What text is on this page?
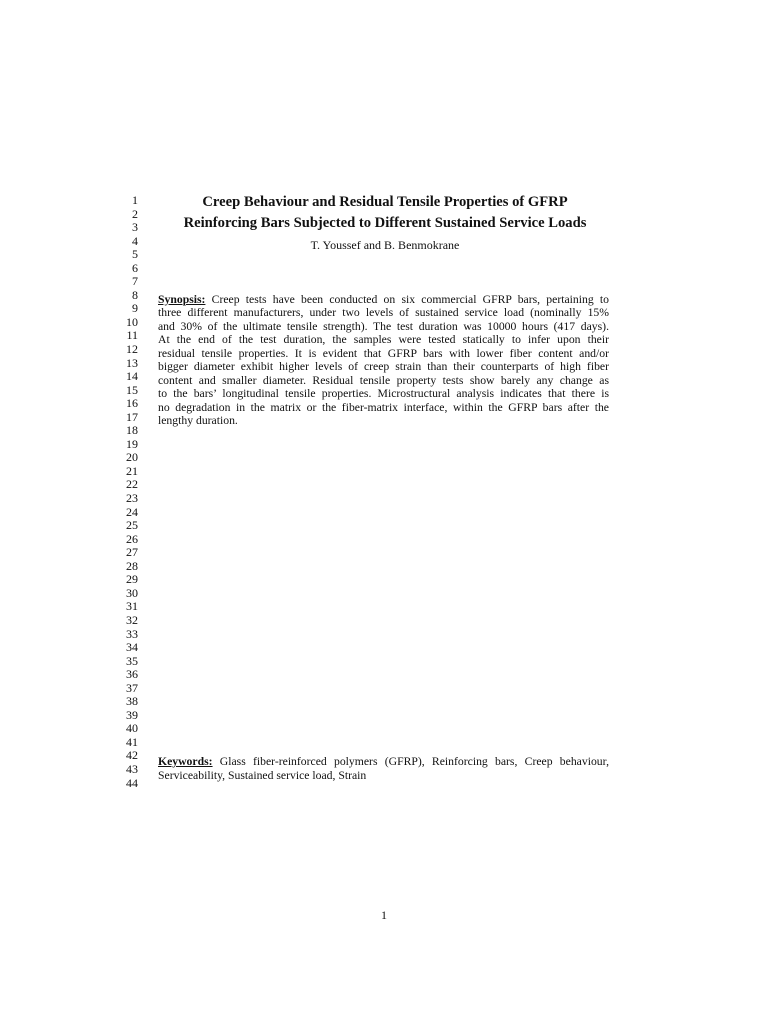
1
2
3
4
5
6
7
8
9
10
11
12
13
14
15
16
17
18
19
20
21
22
23
24
25
26
27
28
29
30
31
32
33
34
35
36
37
38
39
40
41
42
43
44
Creep Behaviour and Residual Tensile Properties of GFRP
Reinforcing Bars Subjected to Different Sustained Service Loads
T. Youssef and B. Benmokrane
Synopsis: Creep tests have been conducted on six commercial GFRP bars, pertaining to
three different manufacturers, under two levels of sustained service load (nominally 15%
and 30% of the ultimate tensile strength). The test duration was 10000 hours (417 days).
At the end of the test duration, the samples were tested statically to infer upon their
residual tensile properties. It is evident that GFRP bars with lower fiber content and/or
bigger diameter exhibit higher levels of creep strain than their counterparts of high fiber
content and smaller diameter. Residual tensile property tests show barely any change as
to the bars’ longitudinal tensile properties. Microstructural analysis indicates that there is
no degradation in the matrix or the fiber-matrix interface, within the GFRP bars after the
lengthy duration.
Keywords: Glass fiber-reinforced polymers (GFRP), Reinforcing bars, Creep behaviour,
Serviceability, Sustained service load, Strain
1
